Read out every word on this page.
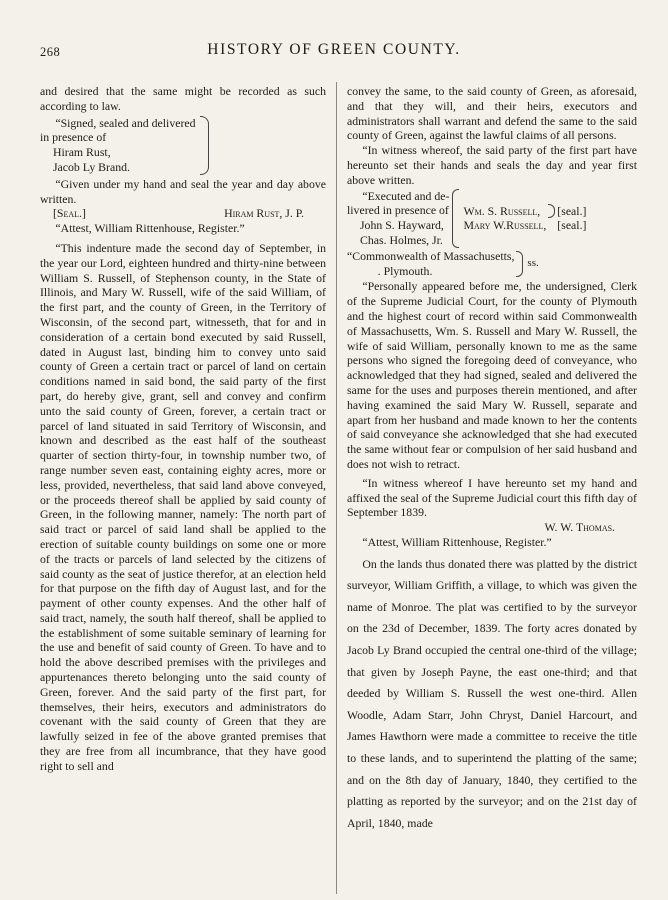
268	HISTORY OF GREEN COUNTY.

and desired that the same might be recorded as such according to law.

“Signed, sealed and delivered
in presence of
Hiram Rust,
Jacob Ly Brand.

“Given under my hand and seal the year and day above written.

[Seal.]	Hiram Rust, J. P.

“Attest, William Rittenhouse, Register.”

“This indenture made the second day of September, in the year our Lord, eighteen hundred and thirty-nine between William S. Russell, of Stephenson county, in the State of Illinois, and Mary W. Russell, wife of the said William, of the first part, and the county of Green, in the Territory of Wisconsin, of the second part, witnesseth, that for and in consideration of a certain bond executed by said Russell, dated in August last, binding him to convey unto said county of Green a certain tract or parcel of land on certain conditions named in said bond, the said party of the first part, do hereby give, grant, sell and convey and confirm unto the said county of Green, forever, a certain tract or parcel of land situated in said Territory of Wisconsin, and known and described as the east half of the southeast quarter of section thirty-four, in township number two, of range number seven east, containing eighty acres, more or less, provided, nevertheless, that said land above conveyed, or the proceeds thereof shall be applied by said county of Green, in the following manner, namely: The north part of said tract or parcel of said land shall be applied to the erection of suitable county buildings on some one or more of the tracts or parcels of land selected by the citizens of said county as the seat of justice therefor, at an election held for that purpose on the fifth day of August last, and for the payment of other county expenses. And the other half of said tract, namely, the south half thereof, shall be applied to the establishment of some suitable seminary of learning for the use and benefit of said county of Green. To have and to hold the above described premises with the privileges and appurtenances thereto belonging unto the said county of Green, forever. And the said party of the first part, for themselves, their heirs, executors and administrators do covenant with the said county of Green that they are lawfully seized in fee of the above granted premises that they are free from all incumbrance, that they have good right to sell and

convey the same, to the said county of Green, as aforesaid, and that they will, and their heirs, executors and administrators shall warrant and defend the same to the said county of Green, against the lawful claims of all persons.

“In witness whereof, the said party of the first part have hereunto set their hands and seals the day and year first above written.

“Executed and de-
livered in presence of
John S. Hayward,
Chas. Holmes, Jr.
Wm. S. Russell,
Mary W.Russell,
[seal.]
[seal.]
“Commonwealth of Massachusetts,
. Plymouth.
ss.

“Personally appeared before me, the undersigned, Clerk of the Supreme Judicial Court, for the county of Plymouth and the highest court of record within said Commonwealth of Massachusetts, Wm. S. Russell and Mary W. Russell, the wife of said William, personally known to me as the same persons who signed the foregoing deed of conveyance, who acknowledged that they had signed, sealed and delivered the same for the uses and purposes therein mentioned, and after having examined the said Mary W. Russell, separate and apart from her husband and made known to her the contents of said conveyance she acknowledged that she had executed the same without fear or compulsion of her said husband and does not wish to retract.

“In witness whereof I have hereunto set my hand and affixed the seal of the Supreme Judicial court this fifth day of September 1839.

W. W. Thomas.

“Attest, William Rittenhouse, Register.”

On the lands thus donated there was platted by the district surveyor, William Griffith, a village, to which was given the name of Monroe. The plat was certified to by the surveyor on the 23d of December, 1839. The forty acres donated by Jacob Ly Brand occupied the central one-third of the village; that given by Joseph Payne, the east one-third; and that deeded by William S. Russell the west one-third. Allen Woodle, Adam Starr, John Chryst, Daniel Harcourt, and James Hawthorn were made a committee to receive the title to these lands, and to superintend the platting of the same; and on the 8th day of January, 1840, they certified to the platting as reported by the surveyor; and on the 21st day of April, 1840, made
